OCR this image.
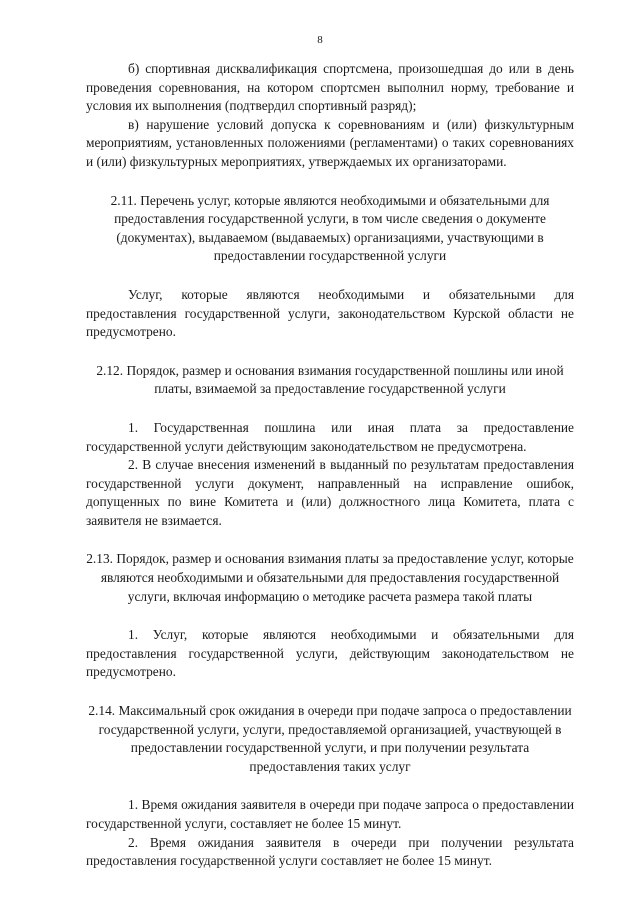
8

б) спортивная дисквалификация спортсмена, произошедшая до или в день проведения соревнования, на котором спортсмен выполнил норму, требование и условия их выполнения (подтвердил спортивный разряд);

в) нарушение условий допуска к соревнованиям и (или) физкультурным мероприятиям, установленных положениями (регламентами) о таких соревнованиях и (или) физкультурных мероприятиях, утверждаемых их организаторами.

2.11. Перечень услуг, которые являются необходимыми и обязательными для предоставления государственной услуги, в том числе сведения о документе (документах), выдаваемом (выдаваемых) организациями, участвующими в предоставлении государственной услуги

Услуг, которые являются необходимыми и обязательными для предоставления государственной услуги, законодательством Курской области не предусмотрено.

2.12. Порядок, размер и основания взимания государственной пошлины или иной платы, взимаемой за предоставление государственной услуги

1. Государственная пошлина или иная плата за предоставление государственной услуги действующим законодательством не предусмотрена.

2. В случае внесения изменений в выданный по результатам предоставления государственной услуги документ, направленный на исправление ошибок, допущенных по вине Комитета и (или) должностного лица Комитета, плата с заявителя не взимается.

2.13. Порядок, размер и основания взимания платы за предоставление услуг, которые являются необходимыми и обязательными для предоставления государственной услуги, включая информацию о методике расчета размера такой платы

1. Услуг, которые являются необходимыми и обязательными для предоставления государственной услуги, действующим законодательством не предусмотрено.

2.14. Максимальный срок ожидания в очереди при подаче запроса о предоставлении государственной услуги, услуги, предоставляемой организацией, участвующей в предоставлении государственной услуги, и при получении результата предоставления таких услуг

1. Время ожидания заявителя в очереди при подаче запроса о предоставлении государственной услуги, составляет не более 15 минут.

2. Время ожидания заявителя в очереди при получении результата предоставления государственной услуги составляет не более 15 минут.
